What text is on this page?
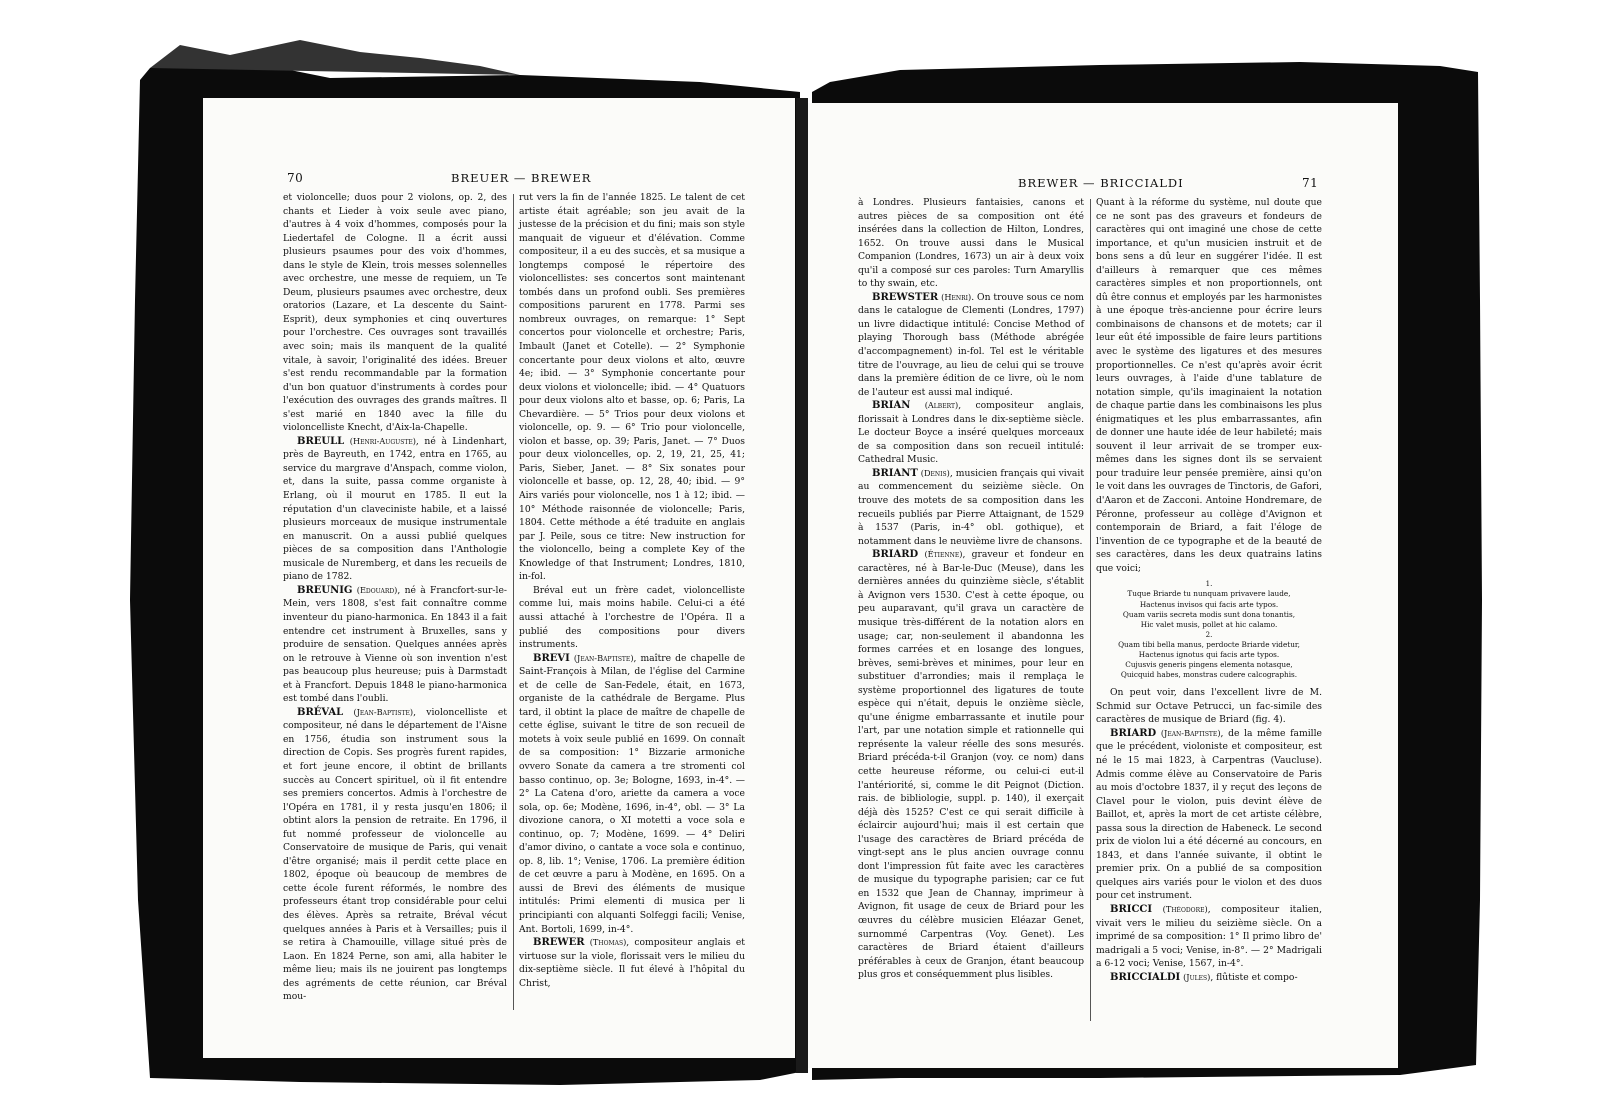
70	BREUER — BREWER

et violoncelle; duos pour 2 violons, op. 2, des chants et Lieder à voix seule avec piano, d'autres à 4 voix d'hommes, composés pour la Liedertafel de Cologne. Il a écrit aussi plusieurs psaumes pour des voix d'hommes, dans le style de Klein, trois messes solennelles avec orchestre, une messe de requiem, un Te Deum, plusieurs psaumes avec orchestre, deux oratorios (Lazare, et La descente du Saint-Esprit), deux symphonies et cinq ouvertures pour l'orchestre. Ces ouvrages sont travaillés avec soin; mais ils manquent de la qualité vitale, à savoir, l'originalité des idées. Breuer s'est rendu recommandable par la formation d'un bon quatuor d'instruments à cordes pour l'exécution des ouvrages des grands maîtres. Il s'est marié en 1840 avec la fille du violoncelliste Knecht, d'Aix-la-Chapelle.

BREULL (Henri-Auguste), né à Lindenhart, près de Bayreuth, en 1742, entra en 1765, au service du margrave d'Anspach, comme violon, et, dans la suite, passa comme organiste à Erlang, où il mourut en 1785. Il eut la réputation d'un claveciniste habile, et a laissé plusieurs morceaux de musique instrumentale en manuscrit. On a aussi publié quelques pièces de sa composition dans l'Anthologie musicale de Nuremberg, et dans les recueils de piano de 1782.

BREUNIG (Edouard), né à Francfort-sur-le-Mein, vers 1808, s'est fait connaître comme inventeur du piano-harmonica. En 1843 il a fait entendre cet instrument à Bruxelles, sans y produire de sensation. Quelques années après on le retrouve à Vienne où son invention n'est pas beaucoup plus heureuse; puis à Darmstadt et à Francfort. Depuis 1848 le piano-harmonica est tombé dans l'oubli.

BRÉVAL (Jean-Baptiste), violoncelliste et compositeur, né dans le département de l'Aisne en 1756, étudia son instrument sous la direction de Copis. Ses progrès furent rapides, et fort jeune encore, il obtint de brillants succès au Concert spirituel, où il fit entendre ses premiers concertos. Admis à l'orchestre de l'Opéra en 1781, il y resta jusqu'en 1806; il obtint alors la pension de retraite. En 1796, il fut nommé professeur de violoncelle au Conservatoire de musique de Paris, qui venait d'être organisé; mais il perdit cette place en 1802, époque où beaucoup de membres de cette école furent réformés, le nombre des professeurs étant trop considérable pour celui des élèves. Après sa retraite, Bréval vécut quelques années à Paris et à Versailles; puis il se retira à Chamouille, village situé près de Laon. En 1824 Perne, son ami, alla habiter le même lieu; mais ils ne jouirent pas longtemps des agréments de cette réunion, car Bréval mou-

rut vers la fin de l'année 1825. Le talent de cet artiste était agréable; son jeu avait de la justesse de la précision et du fini; mais son style manquait de vigueur et d'élévation. Comme compositeur, il a eu des succès, et sa musique a longtemps composé le répertoire des violoncellistes: ses concertos sont maintenant tombés dans un profond oubli. Ses premières compositions parurent en 1778. Parmi ses nombreux ouvrages, on remarque: 1° Sept concertos pour violoncelle et orchestre; Paris, Imbault (Janet et Cotelle). — 2° Symphonie concertante pour deux violons et alto, œuvre 4e; ibid. — 3° Symphonie concertante pour deux violons et violoncelle; ibid. — 4° Quatuors pour deux violons alto et basse, op. 6; Paris, La Chevardière. — 5° Trios pour deux violons et violoncelle, op. 9. — 6° Trio pour violoncelle, violon et basse, op. 39; Paris, Janet. — 7° Duos pour deux violoncelles, op. 2, 19, 21, 25, 41; Paris, Sieber, Janet. — 8° Six sonates pour violoncelle et basse, op. 12, 28, 40; ibid. — 9° Airs variés pour violoncelle, nos 1 à 12; ibid. — 10° Méthode raisonnée de violoncelle; Paris, 1804. Cette méthode a été traduite en anglais par J. Peile, sous ce titre: New instruction for the violoncello, being a complete Key of the Knowledge of that Instrument; Londres, 1810, in-fol.

Bréval eut un frère cadet, violoncelliste comme lui, mais moins habile. Celui-ci a été aussi attaché à l'orchestre de l'Opéra. Il a publié des compositions pour divers instruments.

BREVI (Jean-Baptiste), maître de chapelle de Saint-François à Milan, de l'église del Carmine et de celle de San-Fedele, était, en 1673, organiste de la cathédrale de Bergame. Plus tard, il obtint la place de maître de chapelle de cette église, suivant le titre de son recueil de motets à voix seule publié en 1699. On connaît de sa composition: 1° Bizzarie armoniche ovvero Sonate da camera a tre stromenti col basso continuo, op. 3e; Bologne, 1693, in-4°. — 2° La Catena d'oro, ariette da camera a voce sola, op. 6e; Modène, 1696, in-4°, obl. — 3° La divozione canora, o XI motetti a voce sola e continuo, op. 7; Modène, 1699. — 4° Deliri d'amor divino, o cantate a voce sola e continuo, op. 8, lib. 1°; Venise, 1706. La première édition de cet œuvre a paru à Modène, en 1695. On a aussi de Brevi des éléments de musique intitulés: Primi elementi di musica per li principianti con alquanti Solfeggi facili; Venise, Ant. Bortoli, 1699, in-4°.

BREWER (Thomas), compositeur anglais et virtuose sur la viole, florissait vers le milieu du dix-septième siècle. Il fut élevé à l'hôpital du Christ,

BREWER — BRICCIALDI	71

à Londres. Plusieurs fantaisies, canons et autres pièces de sa composition ont été insérées dans la collection de Hilton, Londres, 1652. On trouve aussi dans le Musical Companion (Londres, 1673) un air à deux voix qu'il a composé sur ces paroles: Turn Amaryllis to thy swain, etc.

BREWSTER (Henri). On trouve sous ce nom dans le catalogue de Clementi (Londres, 1797) un livre didactique intitulé: Concise Method of playing Thorough bass (Méthode abrégée d'accompagnement) in-fol. Tel est le véritable titre de l'ouvrage, au lieu de celui qui se trouve dans la première édition de ce livre, où le nom de l'auteur est aussi mal indiqué.

BRIAN (Albert), compositeur anglais, florissait à Londres dans le dix-septième siècle. Le docteur Boyce a inséré quelques morceaux de sa composition dans son recueil intitulé: Cathedral Music.

BRIANT (Denis), musicien français qui vivait au commencement du seizième siècle. On trouve des motets de sa composition dans les recueils publiés par Pierre Attaignant, de 1529 à 1537 (Paris, in-4° obl. gothique), et notamment dans le neuvième livre de chansons.

BRIARD (Étienne), graveur et fondeur en caractères, né à Bar-le-Duc (Meuse), dans les dernières années du quinzième siècle, s'établit à Avignon vers 1530. C'est à cette époque, ou peu auparavant, qu'il grava un caractère de musique très-différent de la notation alors en usage; car, non-seulement il abandonna les formes carrées et en losange des longues, brèves, semi-brèves et minimes, pour leur en substituer d'arrondies; mais il remplaça le système proportionnel des ligatures de toute espèce qui n'était, depuis le onzième siècle, qu'une énigme embarrassante et inutile pour l'art, par une notation simple et rationnelle qui représente la valeur réelle des sons mesurés. Briard précéda-t-il Granjon (voy. ce nom) dans cette heureuse réforme, ou celui-ci eut-il l'antériorité, si, comme le dit Peignot (Diction. rais. de bibliologie, suppl. p. 140), il exerçait déjà dès 1525? C'est ce qui serait difficile à éclaircir aujourd'hui; mais il est certain que l'usage des caractères de Briard précéda de vingt-sept ans le plus ancien ouvrage connu dont l'impression fût faite avec les caractères de musique du typographe parisien; car ce fut en 1532 que Jean de Channay, imprimeur à Avignon, fit usage de ceux de Briard pour les œuvres du célèbre musicien Eléazar Genet, surnommé Carpentras (Voy. Genet). Les caractères de Briard étaient d'ailleurs préférables à ceux de Granjon, étant beaucoup plus gros et conséquemment plus lisibles.

Quant à la réforme du système, nul doute que ce ne sont pas des graveurs et fondeurs de caractères qui ont imaginé une chose de cette importance, et qu'un musicien instruit et de bons sens a dû leur en suggérer l'idée. Il est d'ailleurs à remarquer que ces mêmes caractères simples et non proportionnels, ont dû être connus et employés par les harmonistes à une époque très-ancienne pour écrire leurs combinaisons de chansons et de motets; car il leur eût été impossible de faire leurs partitions avec le système des ligatures et des mesures proportionnelles. Ce n'est qu'après avoir écrit leurs ouvrages, à l'aide d'une tablature de notation simple, qu'ils imaginaient la notation de chaque partie dans les combinaisons les plus énigmatiques et les plus embarrassantes, afin de donner une haute idée de leur habileté; mais souvent il leur arrivait de se tromper eux-mêmes dans les signes dont ils se servaient pour traduire leur pensée première, ainsi qu'on le voit dans les ouvrages de Tinctoris, de Gafori, d'Aaron et de Zacconi. Antoine Hondremare, de Péronne, professeur au collège d'Avignon et contemporain de Briard, a fait l'éloge de l'invention de ce typographe et de la beauté de ses caractères, dans les deux quatrains latins que voici;

1.
Tuque Briarde tu nunquam privavere laude,
Hactenus invisos qui facis arte typos.
Quam variis secreta modis sunt dona tonantis,
Hic valet musis, pollet at hic calamo.
2.
Quam tibi bella manus, perdocte Briarde videtur,
Hactenus ignotus qui facis arte typos.
Cujusvis generis pingens elementa notasque,
Quicquid habes, monstras cudere calcographis.

On peut voir, dans l'excellent livre de M. Schmid sur Octave Petrucci, un fac-simile des caractères de musique de Briard (fig. 4).

BRIARD (Jean-Baptiste), de la même famille que le précédent, violoniste et compositeur, est né le 15 mai 1823, à Carpentras (Vaucluse). Admis comme élève au Conservatoire de Paris au mois d'octobre 1837, il y reçut des leçons de Clavel pour le violon, puis devint élève de Baillot, et, après la mort de cet artiste célèbre, passa sous la direction de Habeneck. Le second prix de violon lui a été décerné au concours, en 1843, et dans l'année suivante, il obtint le premier prix. On a publié de sa composition quelques airs variés pour le violon et des duos pour cet instrument.

BRICCI (Théodore), compositeur italien, vivait vers le milieu du seizième siècle. On a imprimé de sa composition: 1° Il primo libro de' madrigali a 5 voci; Venise, in-8°. — 2° Madrigali a 6-12 voci; Venise, 1567, in-4°.

BRICCIALDI (Jules), flûtiste et compo-
